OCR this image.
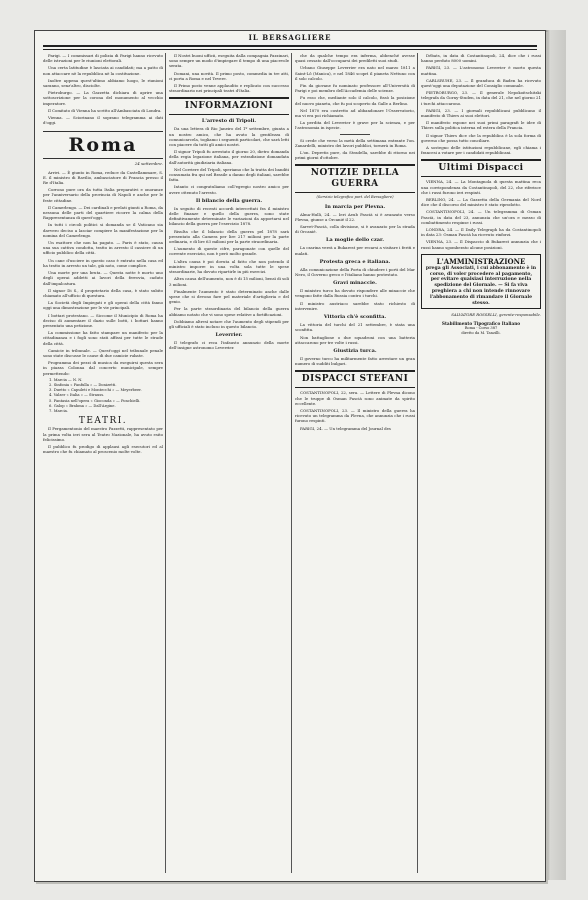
IL BERSAGLIERE

Parigi. — I commissari di polizia di Parigi hanno ricevuto delle istruzioni per le riunioni elettorali.

Una certa latitudine è lasciata ai candidati; ma a patto di non attaccare nè la repubblica nè la costituzione.

Inoltre appena quest'ultimo abbiamo luogo, le riunioni saranno, senz'altro, disciolte.

Pietroburgo. — La Gazzetta dichiara di aprire una sottoscrizione per la corona del monumento al vecchio imperatore.

Il Comitato di Vienna ha scritto all'Ambasciata di Londra.

Vienna. — Sciorinano il soprano telegramma ai dati d'oggi.

Roma
24 settembre.

Arrivi. — È giunto in Roma, reduce da Castellammare, S. E. il ministro di Ravilio, ambasciatore di Francia presso il Re d'Italia.

Corrono pure ora da tutta Italia preparativi e onoranze per l'anniversario della provincia di Napoli e anche per le feste cittadine.

Il Camerlengo. — Dei cardinali e prelati giunti a Roma, da nessuna delle parti del quartiere ricorre la calma della Rappresentanza di quest'oggi.

In tutti i circoli politici si domanda se il Vaticano sia davvero deciso a lasciar compiere la manifestazione per la nomina del Camerlengo.

Un esattore che non ha pagato. — Paris è stato, causa una sua cattiva condotta, tratto in arresto il cassiere di un ufficio pubblico della città.

Un cane d'usciere in questo caso è entrato nella casa ed ha tratto in arresto un tale, già noto, come complice.

Una morte per una bruta. — Questa notte è morto uno degli operai addetti ai lavori della ferrovia, caduto dall'impalcatura.

Il signor Di S., il proprietario della casa, è stato subito chiamato all'ufficio di questura.

La Società degli Impiegati e gli operai della città fanno oggi una dimostrazione per le vie principali.

I bottari protestano. — Siccome il Municipio di Roma ha deciso di aumentare il dazio sulle botti, i bottari hanno presentato una petizione.

La commissione ha fatto stampare un manifesto per la cittadinanza e i fogli sono stati affissi per tutte le strade della città.

Camicie in tribunale. — Quest'oggi nel tribunale penale sono state discusse le cause di due camicie rubate.

Programma dei pezzi di musica da eseguirsi questa sera in piazza Colonna dal concerto municipale, sempre permettendo:

1. Marcia — N. N.

2. Sinfonia « Fanfulla » — Donizetti.

3. Duetto « Capuleti e Montecchi » — Meyerbeer.

4. Valzer « Italia » — Strauss.

5. Fantasia nell'opera « Gioconda » — Ponchielli.

6. Galop « Brahma » — Dall'Argine.

7. Marcia.

TEATRI.

Il Pergamentonio del maestro Pazzetti, rappresentato per la prima volta ieri sera al Teatro Nazionale, ha avuto esito felicissimo.

Il pubblico fu prodigo di applausi agli esecutori ed al maestro che fu chiamato al proscenio molte volte.

Il Nostri buoni ufficii, eseguita dalla compagnia Pazzinari, sono sempre un modo d'impiegare il tempo di una piacevole serata.

Domani, una novità. Il primo posto, commedia in tre atti, ci porta a Roma e nel Tevere.

Il Primo posto venne applaudito e replicato con successo straordinario nei principali teatri d'Italia.

INFORMAZIONI
L'arresto di Tripoli.

Da una lettera di Rio Janeiro del 1º settembre, giunta a un nostro amico, che ha avuto la gentilezza di comunicarcela, togliamo i seguenti particolari, che sarà letti con piacere da tutti gli amici nostri.

Il signor Tripoli fu arrestato il giorno 20, dietro domanda della regia legazione italiana, per estradizione domandata dall'autorità giudiziaria italiana.

Nel Corriere del Tripoli, speriamo che la tratta dei banditi consumata fra qui nel Brasile a danno degli italiani, sarebbe fatta.

Intanto ci congratuliamo coll'egregio nostro amico per avere ottenuto l'arresto.

Il bilancio della guerra.

In seguito di recenti accordi intercettati fra il ministro delle finanze e quello della guerra, sono state definitivamente determinate le variazioni da apportarsi nel bilancio della guerra per l'esercizio 1878.

Risulta che il bilancio della guerra pel 1878 sarà presentato alla Camera per lire 217 milioni per la parte ordinaria, e di lire 63 milioni per la parte straordinaria.

L'aumento di queste cifre, paragonate con quelle del corrente esercizio, non è però molto grande.

L'altra causa è poi dovuta al fatto che non potendo il ministro imporre in una volta sola tutte le spese straordinarie, ha dovuto ripartirle in più esercizi.

Altra causa dell'aumento, non è di 15 milioni, bensì di soli 3 milioni.

Finalmente l'aumento è stato determinato anche dalle spese che si devono fare pel materiale d'artiglieria e del genio.

Per la parte straordinaria del bilancio della guerra abbiamo notato che vi sono spese relative a fortificazioni.

Dobbiamo altresì notare che l'aumento degli stipendi per gli ufficiali è stato incluso in questo bilancio.

Leverrier.

Il telegrafo ci reca l'infausto annunzio della morte dell'insigne astronomo Leverrier.

che da qualche tempo era inferma, abbenché avesse quasi cessato dall'occuparsi dei prediletti suoi studi.

Urbano Giuseppe Leverrier era nato nel marzo 1811 a Saint-Lô (Manica), e nel 1846 scoprì il pianeta Nettuno con il solo calcolo.

Fin da giovane fu nominato professore all'Università di Parigi e poi membro dell'Accademia delle scienze.

Fu esso che, mediante solo il calcolo, fissò la posizione del nuovo pianeta, che fu poi scoperto da Galle a Berlino.

Nel 1870 era costretto ad abbandonare l'Osservatorio, ma vi era poi richiamato.

La perdita del Leverrier è grave per la scienza, e per l'astronomia in ispecie.

Si crede che verso la metà della settimana entrante l'on. Zanardelli, ministro dei lavori pubblici, tornerà in Roma.

L'on. Depretis pure, da Stradella, sarebbe di ritorno nei primi giorni d'ottobre.

NOTIZIE DELLA GUERRA
(Servizio telegrafico part. del Bersagliere)
In marcia per Plevna.

Alma-Hulli, 24. — Ieri Aeub Pascià si è avanzato verso Plevna, giunse a Orcanié il 22.

Sarvet-Pascià, colla divisione, si è avanzato per la strada di Orcanié.

La moglie dello czar.

La czarina verrà a Bukarest per recarsi a visitare i feriti e malati.

Protesta greca e italiana.

Alla comunicazione della Porta di chiudere i porti del Mar Nero, il Governo greco e l'italiano hanno protestato.

Gravi minaccie.

Il ministro turco ha dovuto rispondere alle minaccie che vengono fatte dalla Russia contro i turchi.

Il ministro austriaco sarebbe stato richiesto di intervenire.

Vittoria ch'è sconfitta.

La vittoria del turchi del 21 settembre, è stata una sconfitta.

Non battaglione o due squadroni con una batteria attaccarono per tre volte i russi.

Giustizia turca.

Il governo turco ha militarmente fatto arrestare un gran numero di sudditi bulgari.

DISPACCI STEFANI

COSTANTINOPOLI, 22, sera. — Lettere di Plevna dicono che le truppe di Osman Pascià sono animate da spirito eccellente.

COSTANTINOPOLI, 23. — Il ministro della guerra ha ricevuto un telegramma da Plevna, che annunzia che i russi furono respinti.

PARIGI, 24. — Un telegramma del Journal des

Débats, in data di Costantinopoli, 24, dice che i russi hanno perduto 8000 uomini.

PARIGI, 23. — L'astronomo Leverrier è morto questa mattina.

CARLSRUHE, 23. — Il granduca di Baden ha ricevuto quest'oggi una deputazione del Consiglio comunale.

PIETROBURGO, 23. — Il generale Nepokoitschitzki telegrafa da Gorny-Studen, in data del 21, che nel giorno 21 i turchi attaccarono.

PARIGI, 23. — I giornali repubblicani pubblicano il manifesto di Thiers ai suoi elettori.

Il manifesto espone nei suoi primi paragrafi le idee di Thiers sulla politica interna ed estera della Francia.

Il signor Thiers dice che la repubblica è la sola forma di governo che possa tutto conciliare.

A sostegno delle istituzioni repubblicane, egli chiama i francesi a votare per i candidati repubblicani.

Ultimi Dispacci

VIENNA, 24. — La Montagnola di questa mattina reca una corrispondenza da Costantinopoli, del 22, che riferisce che i russi furono ieri respinti.

BERLINO, 24. — La Gazzetta della Germania del Nord dice che il discorso del ministro è stato riprodotto.

COSTANTINOPOLI, 24. — Un telegramma di Osman Pascià, in data del 23, annunzia che un'ora e mezzo di combattimento respinse i russi.

LONDRA, 24. — Il Daily Telegraph ha da Costantinopoli in data 23: Osman Pascià ha ricevuto rinforzi.

VIENNA, 23. — Il Dispaccio di Bukarest annunzia che i russi hanno sgomberato alcune posizioni.

L'AMMINISTRAZIONE
prega gli Associati, i cui abbonamento è in corso, di voler procedere al pagamento, per evitare qualsiasi interruzione nella spedizione del Giornale. — Si fa viva preghiera a chi non intende rinnovare l'abbonamento di rimandare il Giornale stesso.
SALVATORE ROSSELLI, gerente-responsabile.
Stabilimento Tipografico Italiano
Roma - Corso 387
diretto da M. Tanzilli.
